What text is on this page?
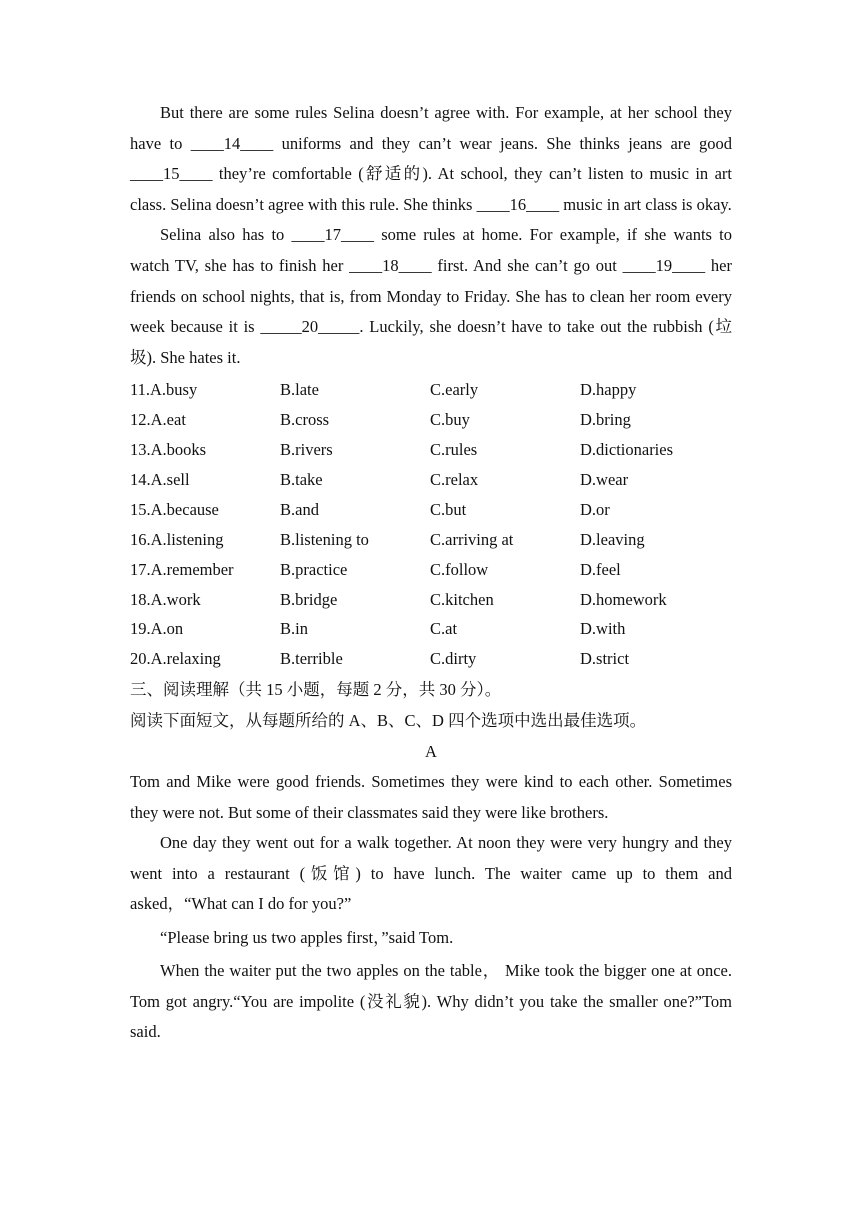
But there are some rules Selina doesn’t agree with. For example, at her school they have to ____14____ uniforms and they can’t wear jeans. She thinks jeans are good ____15____ they’re comfortable (舒适的). At school, they can’t listen to music in art class. Selina doesn’t agree with this rule. She thinks ____16____ music in art class is okay.

Selina also has to ____17____ some rules at home. For example, if she wants to watch TV, she has to finish her ____18____ first. And she can’t go out ____19____ her friends on school nights, that is, from Monday to Friday. She has to clean her room every week because it is _____20_____. Luckily, she doesn’t have to take out the rubbish (垃圾). She hates it.

11.A.busy	B.late	C.early	D.happy
12.A.eat	B.cross	C.buy	D.bring
13.A.books	B.rivers	C.rules	D.dictionaries
14.A.sell	B.take	C.relax	D.wear
15.A.because	B.and	C.but	D.or
16.A.listening	B.listening to	C.arriving at	D.leaving
17.A.remember	B.practice	C.follow	D.feel
18.A.work	B.bridge	C.kitchen	D.homework
19.A.on	B.in	C.at	D.with
20.A.relaxing	B.terrible	C.dirty	D.strict
三、阅读理解（共 15 小题，每题 2 分，共 30 分）。
阅读下面短文，从每题所给的 A、B、C、D 四个选项中选出最佳选项。
A

Tom and Mike were good friends. Sometimes they were kind to each other. Sometimes they were not. But some of their classmates said they were like brothers.

One day they went out for a walk together. At noon they were very hungry and they went into a restaurant (饭馆) to have lunch. The waiter came up to them and asked，“What can I do for you?”

“Please bring us two apples first，”said Tom.

When the waiter put the two apples on the table， Mike took the bigger one at once. Tom got angry.“You are impolite (没礼貌). Why didn’t you take the smaller one?”Tom said.
